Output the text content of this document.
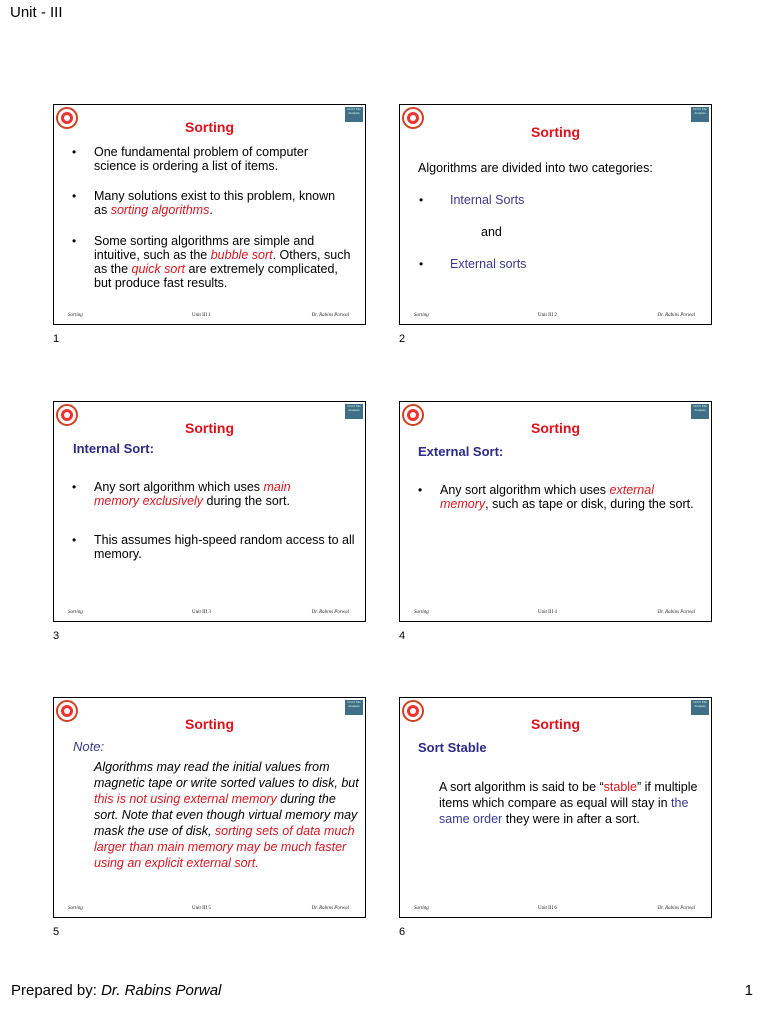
Unit - III
Unit II File Analysis
Sorting
• One fundamental problem of computer science is ordering a list of items.
• Many solutions exist to this problem, known as sorting algorithms.
• Some sorting algorithms are simple and intuitive, such as the bubble sort. Others, such as the quick sort are extremely complicated, but produce fast results.
Sorting	Unit III 1	Dr. Rabins Porwal
1
Unit II File Analysis
Sorting
Algorithms are divided into two categories:
• Internal Sorts
and
• External sorts
Sorting	Unit III 2	Dr. Rabins Porwal
2
Unit II File Analysis
Sorting
Internal Sort:
• Any sort algorithm which uses main memory exclusively during the sort.
• This assumes high-speed random access to all memory.
Sorting	Unit III 3	Dr. Rabins Porwal
3
Unit II File Analysis
Sorting
External Sort:
• Any sort algorithm which uses external memory, such as tape or disk, during the sort.
Sorting	Unit III 4	Dr. Rabins Porwal
4
Unit II File Analysis
Sorting
Note:
Algorithms may read the initial values from magnetic tape or write sorted values to disk, but this is not using external memory during the sort. Note that even though virtual memory may mask the use of disk, sorting sets of data much larger than main memory may be much faster using an explicit external sort.
Sorting	Unit III 5	Dr. Rabins Porwal
5
Unit II File Analysis
Sorting
Sort Stable
A sort algorithm is said to be “stable” if multiple items which compare as equal will stay in the same order they were in after a sort.
Sorting	Unit III 6	Dr. Rabins Porwal
6
Prepared by: Dr. Rabins Porwal	1
